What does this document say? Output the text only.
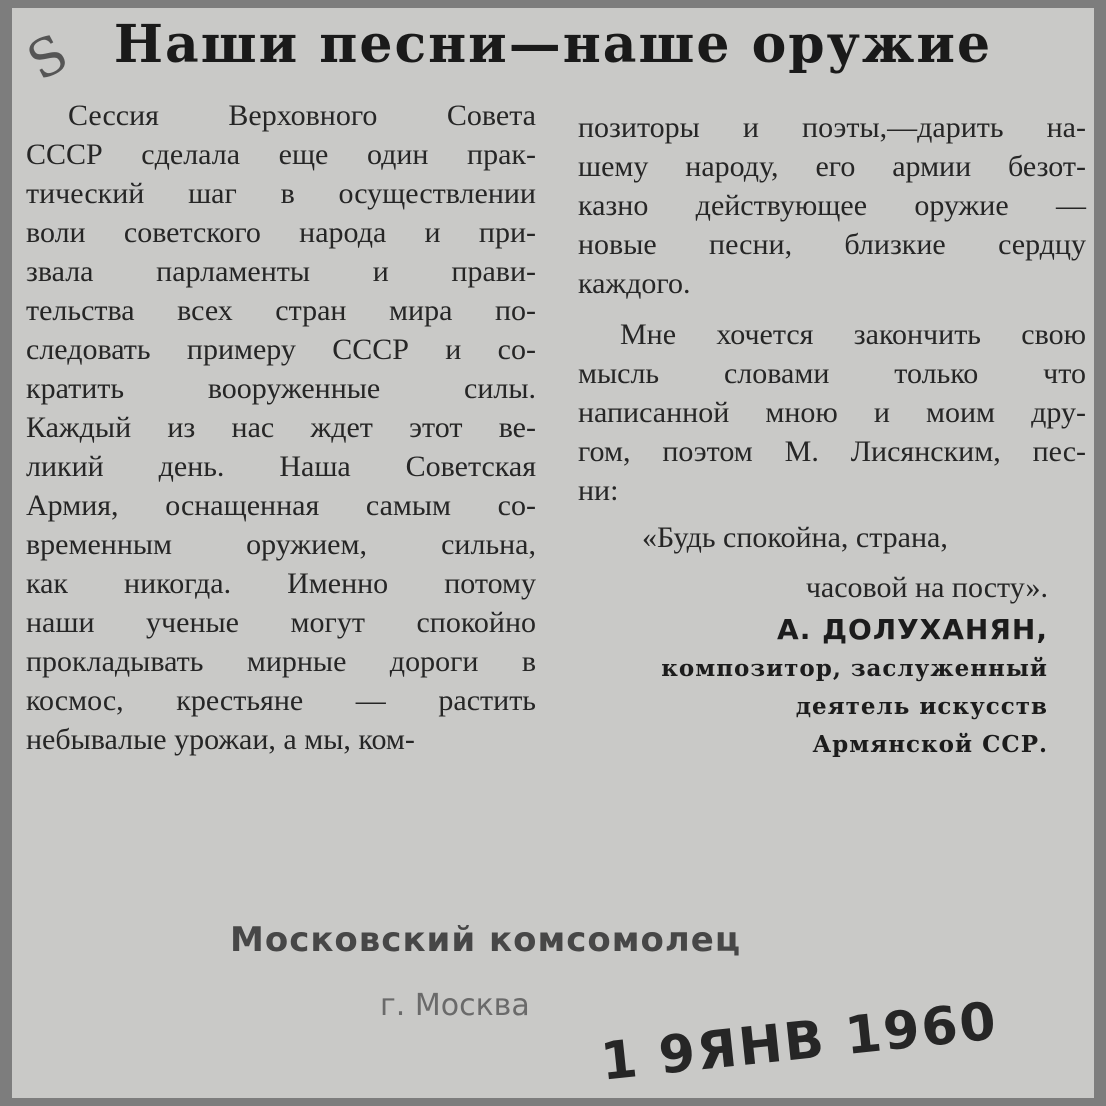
S Наши песни—наше оружие
Сессия Верховного Совета
СССР сделала еще один прак-
тический шаг в осуществлении
воли советского народа и при-
звала парламенты и прави-
тельства всех стран мира по-
следовать примеру СССР и со-
кратить вооруженные силы.
Каждый из нас ждет этот ве-
ликий день. Наша Советская
Армия, оснащенная самым со-
временным оружием, сильна,
как никогда. Именно потому
наши ученые могут спокойно
прокладывать мирные дороги в
космос, крестьяне — растить
небывалые урожаи, а мы, ком-
позиторы и поэты,—дарить на-
шему народу, его армии безот-
казно действующее оружие —
новые песни, близкие сердцу
каждого.
Мне хочется закончить свою
мысль словами только что
написанной мною и моим дру-
гом, поэтом М. Лисянским, пес-
ни:
«Будь спокойна, страна,
часовой на посту».
А. ДОЛУХАНЯН,
композитор, заслуженный
деятель искусств
Армянской ССР.
Московский комсомолец
г. Москва 1 9ЯНВ 1960
